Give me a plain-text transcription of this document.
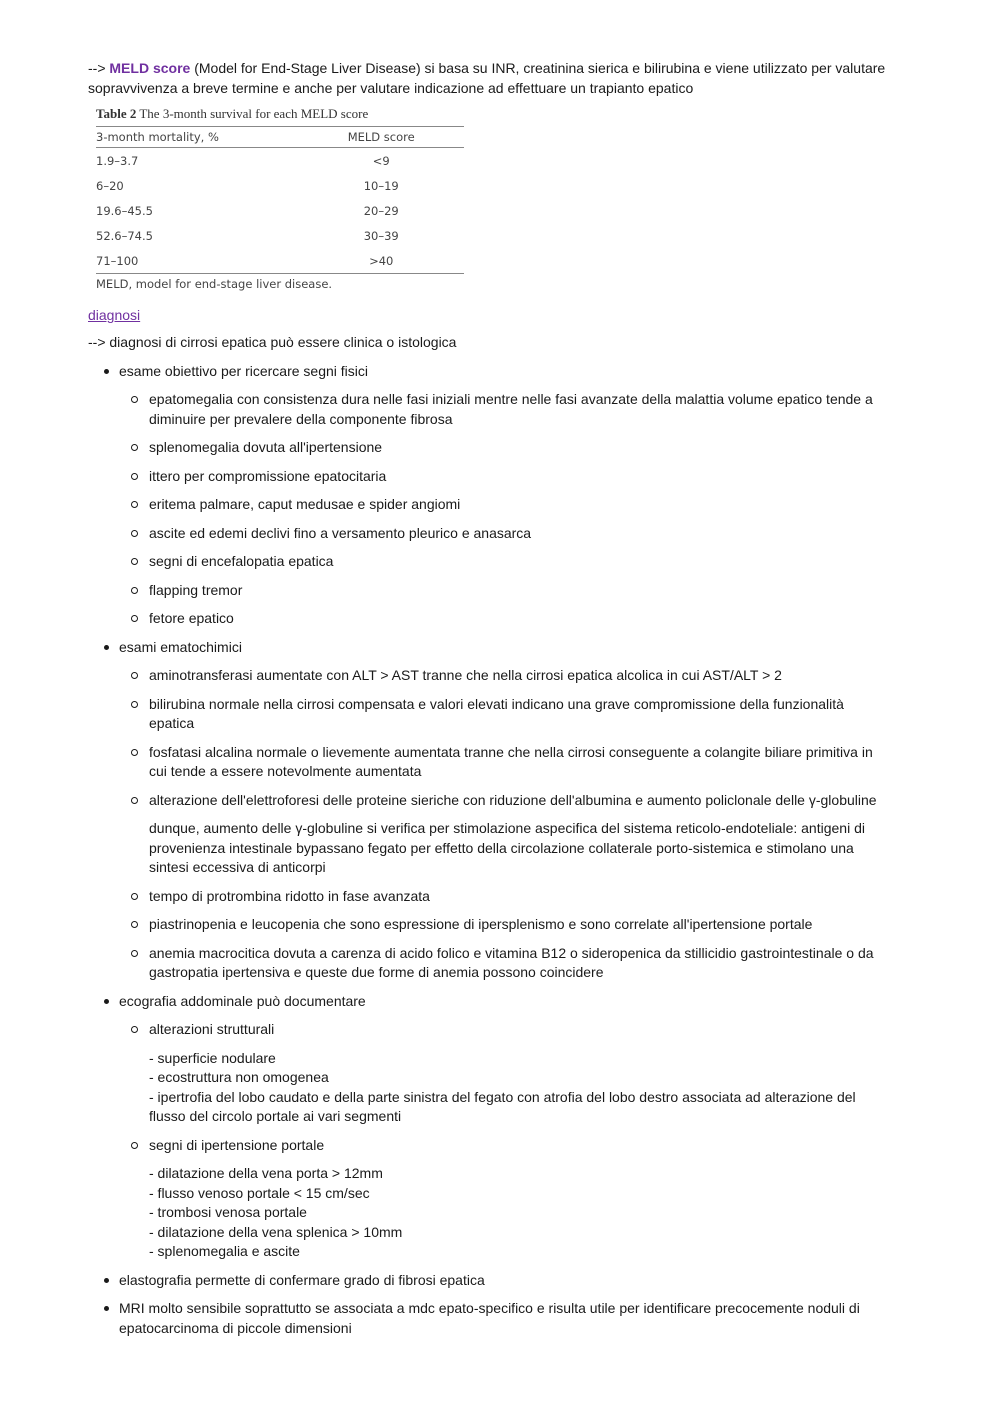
--> MELD score (Model for End-Stage Liver Disease) si basa su INR, creatinina sierica e bilirubina e viene utilizzato per valutare sopravvivenza a breve termine e anche per valutare indicazione ad effettuare un trapianto epatico

Table 2 The 3-month survival for each MELD score
3-month mortality, %	MELD score
1.9–3.7	<9
6–20	10–19
19.6–45.5	20–29
52.6–74.5	30–39
71–100	>40
MELD, model for end-stage liver disease.
diagnosi

--> diagnosi di cirrosi epatica può essere clinica o istologica

esame obiettivo per ricercare segni fisici
epatomegalia con consistenza dura nelle fasi iniziali mentre nelle fasi avanzate della malattia volume epatico tende a diminuire per prevalere della componente fibrosa
splenomegalia dovuta all'ipertensione
ittero per compromissione epatocitaria
eritema palmare, caput medusae e spider angiomi
ascite ed edemi declivi fino a versamento pleurico e anasarca
segni di encefalopatia epatica
flapping tremor
fetore epatico
esami ematochimici
aminotransferasi aumentate con ALT > AST tranne che nella cirrosi epatica alcolica in cui AST/ALT > 2
bilirubina normale nella cirrosi compensata e valori elevati indicano una grave compromissione della funzionalità epatica
fosfatasi alcalina normale o lievemente aumentata tranne che nella cirrosi conseguente a colangite biliare primitiva in cui tende a essere notevolmente aumentata
alterazione dell'elettroforesi delle proteine sieriche con riduzione dell'albumina e aumento policlonale delle γ-globuline
dunque, aumento delle γ-globuline si verifica per stimolazione aspecifica del sistema reticolo-endoteliale: antigeni di provenienza intestinale bypassano fegato per effetto della circolazione collaterale porto-sistemica e stimolano una sintesi eccessiva di anticorpi
tempo di protrombina ridotto in fase avanzata
piastrinopenia e leucopenia che sono espressione di ipersplenismo e sono correlate all'ipertensione portale
anemia macrocitica dovuta a carenza di acido folico e vitamina B12 o sideropenica da stillicidio gastrointestinale o da gastropatia ipertensiva e queste due forme di anemia possono coincidere
ecografia addominale può documentare
alterazioni strutturali
- superficie nodulare
- ecostruttura non omogenea
- ipertrofia del lobo caudato e della parte sinistra del fegato con atrofia del lobo destro associata ad alterazione del flusso del circolo portale ai vari segmenti
segni di ipertensione portale
- dilatazione della vena porta > 12mm
- flusso venoso portale < 15 cm/sec
- trombosi venosa portale
- dilatazione della vena splenica > 10mm
- splenomegalia e ascite
elastografia permette di confermare grado di fibrosi epatica
MRI molto sensibile soprattutto se associata a mdc epato-specifico e risulta utile per identificare precocemente noduli di epatocarcinoma di piccole dimensioni
